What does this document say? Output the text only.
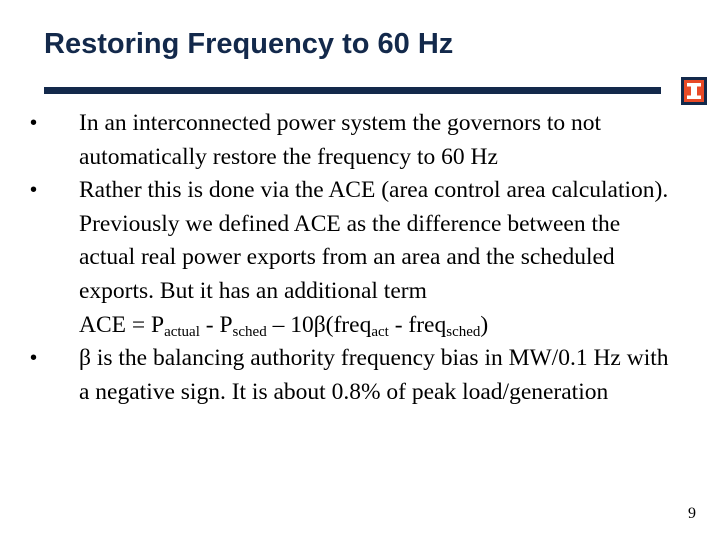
Restoring Frequency to 60 Hz
•	In an interconnected power system the governors to not automatically restore the frequency to 60 Hz
•	Rather this is done via the ACE (area control area calculation). Previously we defined ACE as the difference between the actual real power exports from an area and the scheduled exports. But it has an additional term
ACE = $P_{actual} - P_{sched}$ – 10β(freq$_{act}$ - freq$_{sched}$)
•	β is the balancing authority frequency bias in MW/0.1 Hz with a negative sign. It is about 0.8% of peak load/generation
9
